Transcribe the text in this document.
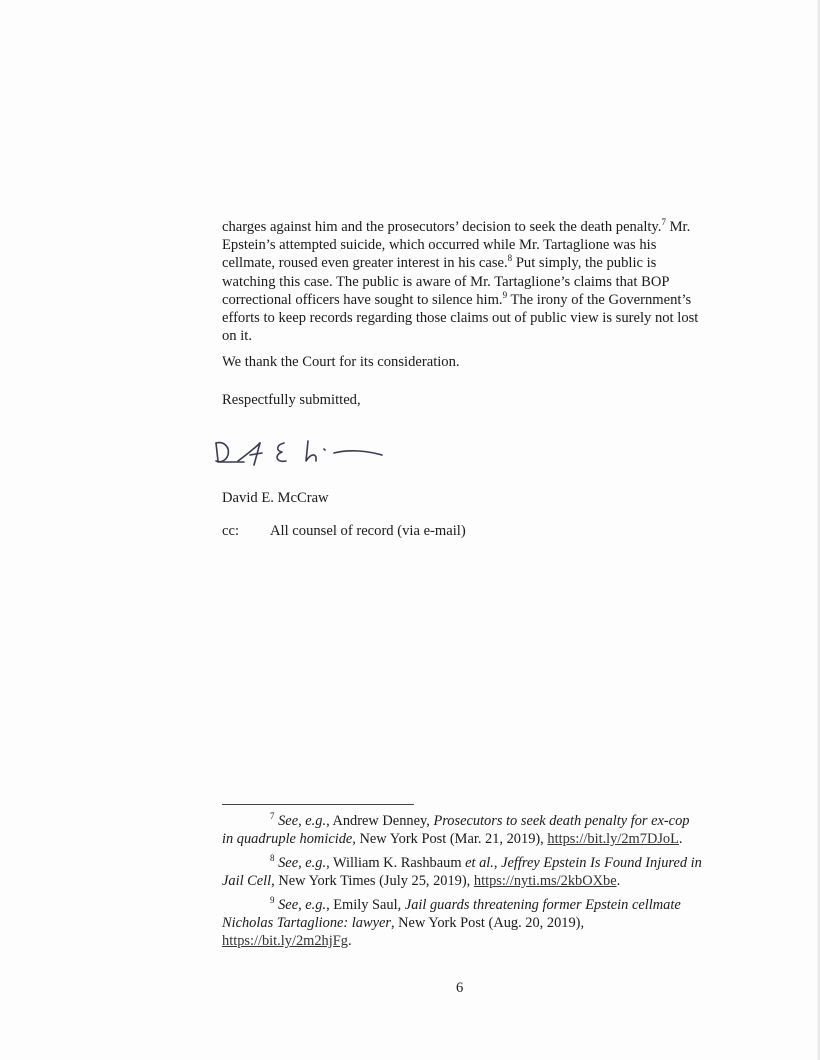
charges against him and the prosecutors’ decision to seek the death penalty.$^7$ Mr. Epstein’s attempted suicide, which occurred while Mr. Tartaglione was his cellmate, roused even greater interest in his case.$^8$ Put simply, the public is watching this case. The public is aware of Mr. Tartaglione’s claims that BOP correctional officers have sought to silence him.$^9$ The irony of the Government’s efforts to keep records regarding those claims out of public view is surely not lost on it.

We thank the Court for its consideration.

Respectfully submitted,

David E. McCraw

cc:	All counsel of record (via e-mail)

$^7$ See, e.g., Andrew Denney, Prosecutors to seek death penalty for ex-cop in quadruple homicide, New York Post (Mar. 21, 2019), https://bit.ly/2m7DJoL.

$^8$ See, e.g., William K. Rashbaum et al., Jeffrey Epstein Is Found Injured in Jail Cell, New York Times (July 25, 2019), https://nyti.ms/2kbOXbe.

$^9$ See, e.g., Emily Saul, Jail guards threatening former Epstein cellmate Nicholas Tartaglione: lawyer, New York Post (Aug. 20, 2019), https://bit.ly/2m2hjFg.

6
